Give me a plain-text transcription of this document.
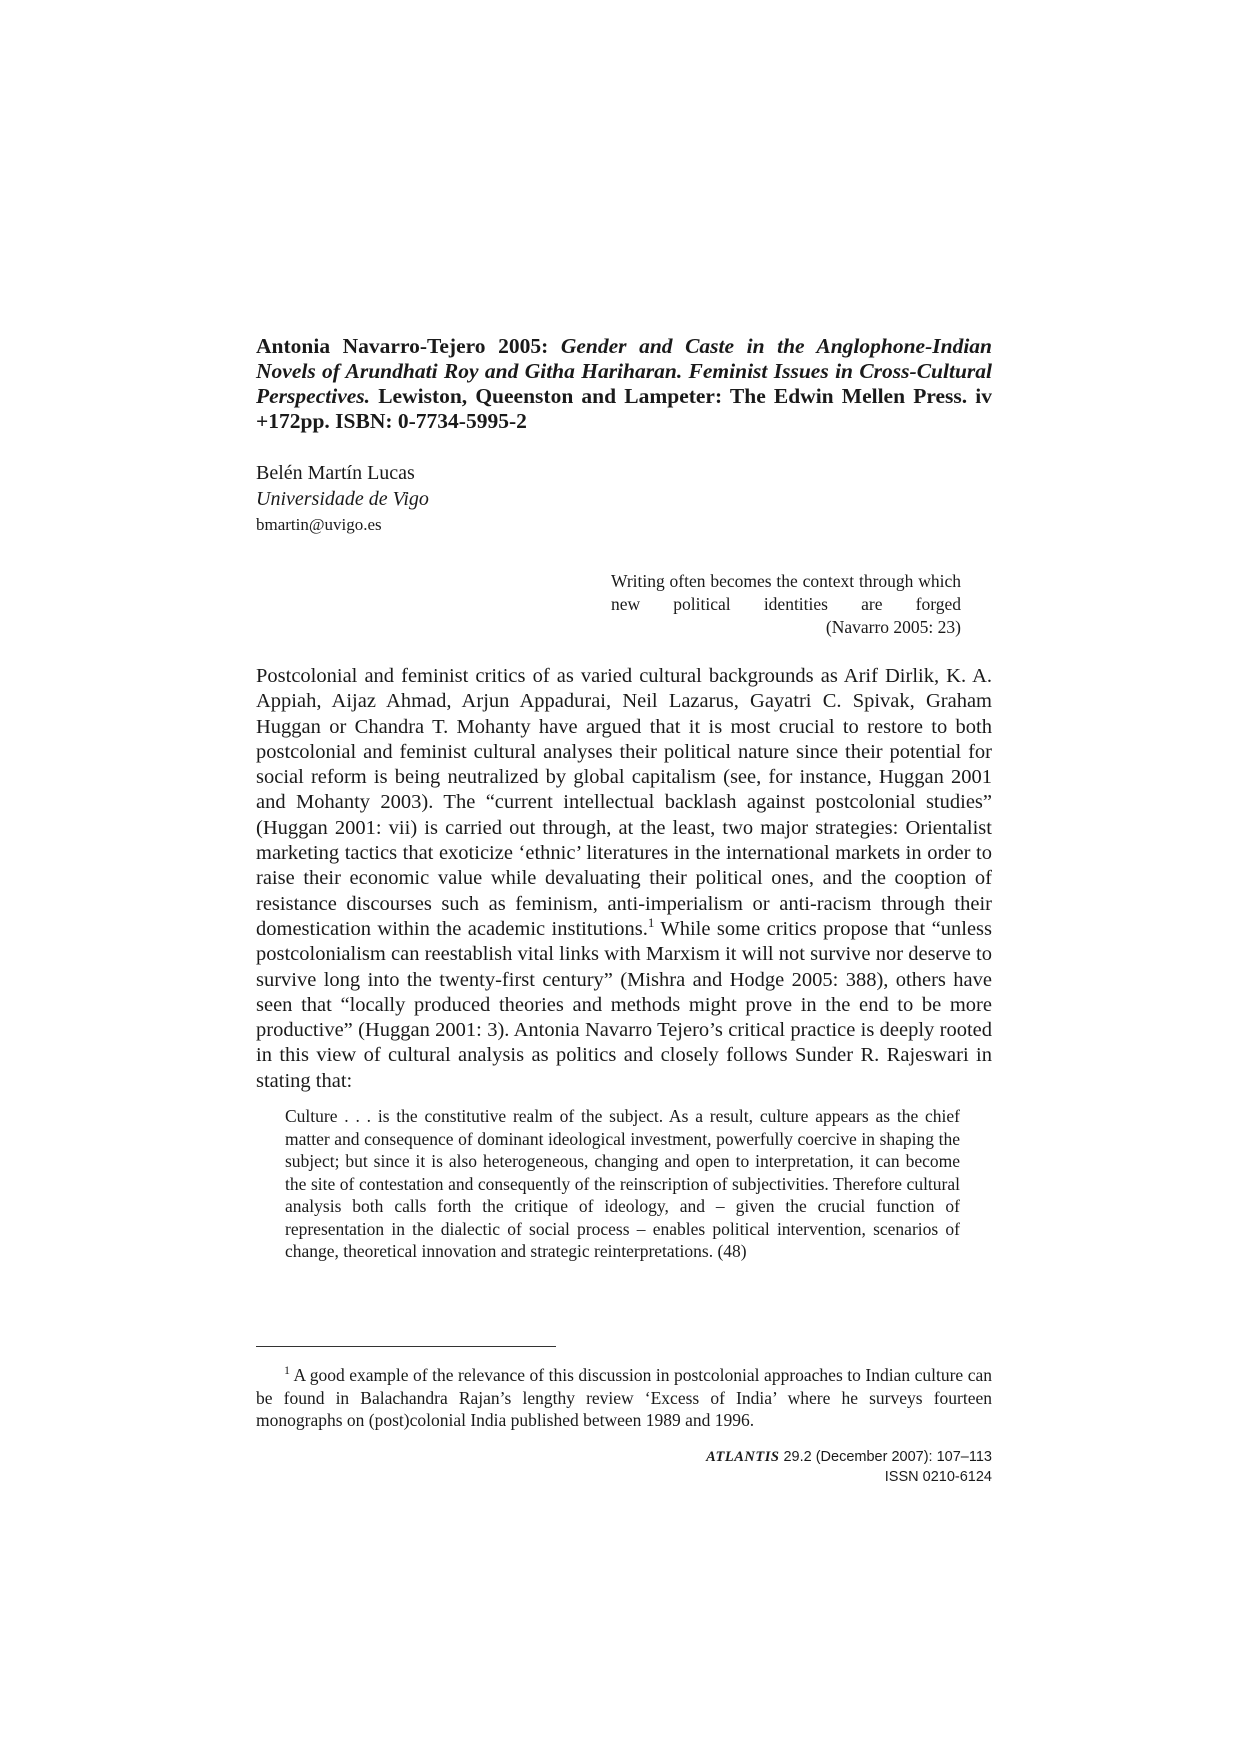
Antonia Navarro-Tejero 2005: Gender and Caste in the Anglophone-Indian Novels of Arundhati Roy and Githa Hariharan. Feminist Issues in Cross-Cultural Perspectives. Lewiston, Queenston and Lampeter: The Edwin Mellen Press. iv +172pp. ISBN: 0-7734-5995-2
Belén Martín Lucas
Universidade de Vigo
bmartin@uvigo.es
Writing often becomes the context through which new political identities are forged
(Navarro 2005: 23)

Postcolonial and feminist critics of as varied cultural backgrounds as Arif Dirlik, K. A. Appiah, Aijaz Ahmad, Arjun Appadurai, Neil Lazarus, Gayatri C. Spivak, Graham Huggan or Chandra T. Mohanty have argued that it is most crucial to restore to both postcolonial and feminist cultural analyses their political nature since their potential for social reform is being neutralized by global capitalism (see, for instance, Huggan 2001 and Mohanty 2003). The “current intellectual backlash against postcolonial studies” (Huggan 2001: vii) is carried out through, at the least, two major strategies: Orientalist marketing tactics that exoticize ‘ethnic’ literatures in the international markets in order to raise their economic value while devaluating their political ones, and the cooption of resistance discourses such as feminism, anti-imperialism or anti-racism through their domestication within the academic institutions.$^1$ While some critics propose that “unless postcolonialism can reestablish vital links with Marxism it will not survive nor deserve to survive long into the twenty-first century” (Mishra and Hodge 2005: 388), others have seen that “locally produced theories and methods might prove in the end to be more productive” (Huggan 2001: 3). Antonia Navarro Tejero’s critical practice is deeply rooted in this view of cultural analysis as politics and closely follows Sunder R. Rajeswari in stating that:

Culture . . . is the constitutive realm of the subject. As a result, culture appears as the chief matter and consequence of dominant ideological investment, powerfully coercive in shaping the subject; but since it is also heterogeneous, changing and open to interpretation, it can become the site of contestation and consequently of the reinscription of subjectivities. Therefore cultural analysis both calls forth the critique of ideology, and – given the crucial function of representation in the dialectic of social process – enables political intervention, scenarios of change, theoretical innovation and strategic reinterpretations. (48)

$^1$ A good example of the relevance of this discussion in postcolonial approaches to Indian culture can be found in Balachandra Rajan’s lengthy review ‘Excess of India’ where he surveys fourteen monographs on (post)colonial India published between 1989 and 1996.

ATLANTIS 29.2 (December 2007): 107–113
ISSN 0210-6124
